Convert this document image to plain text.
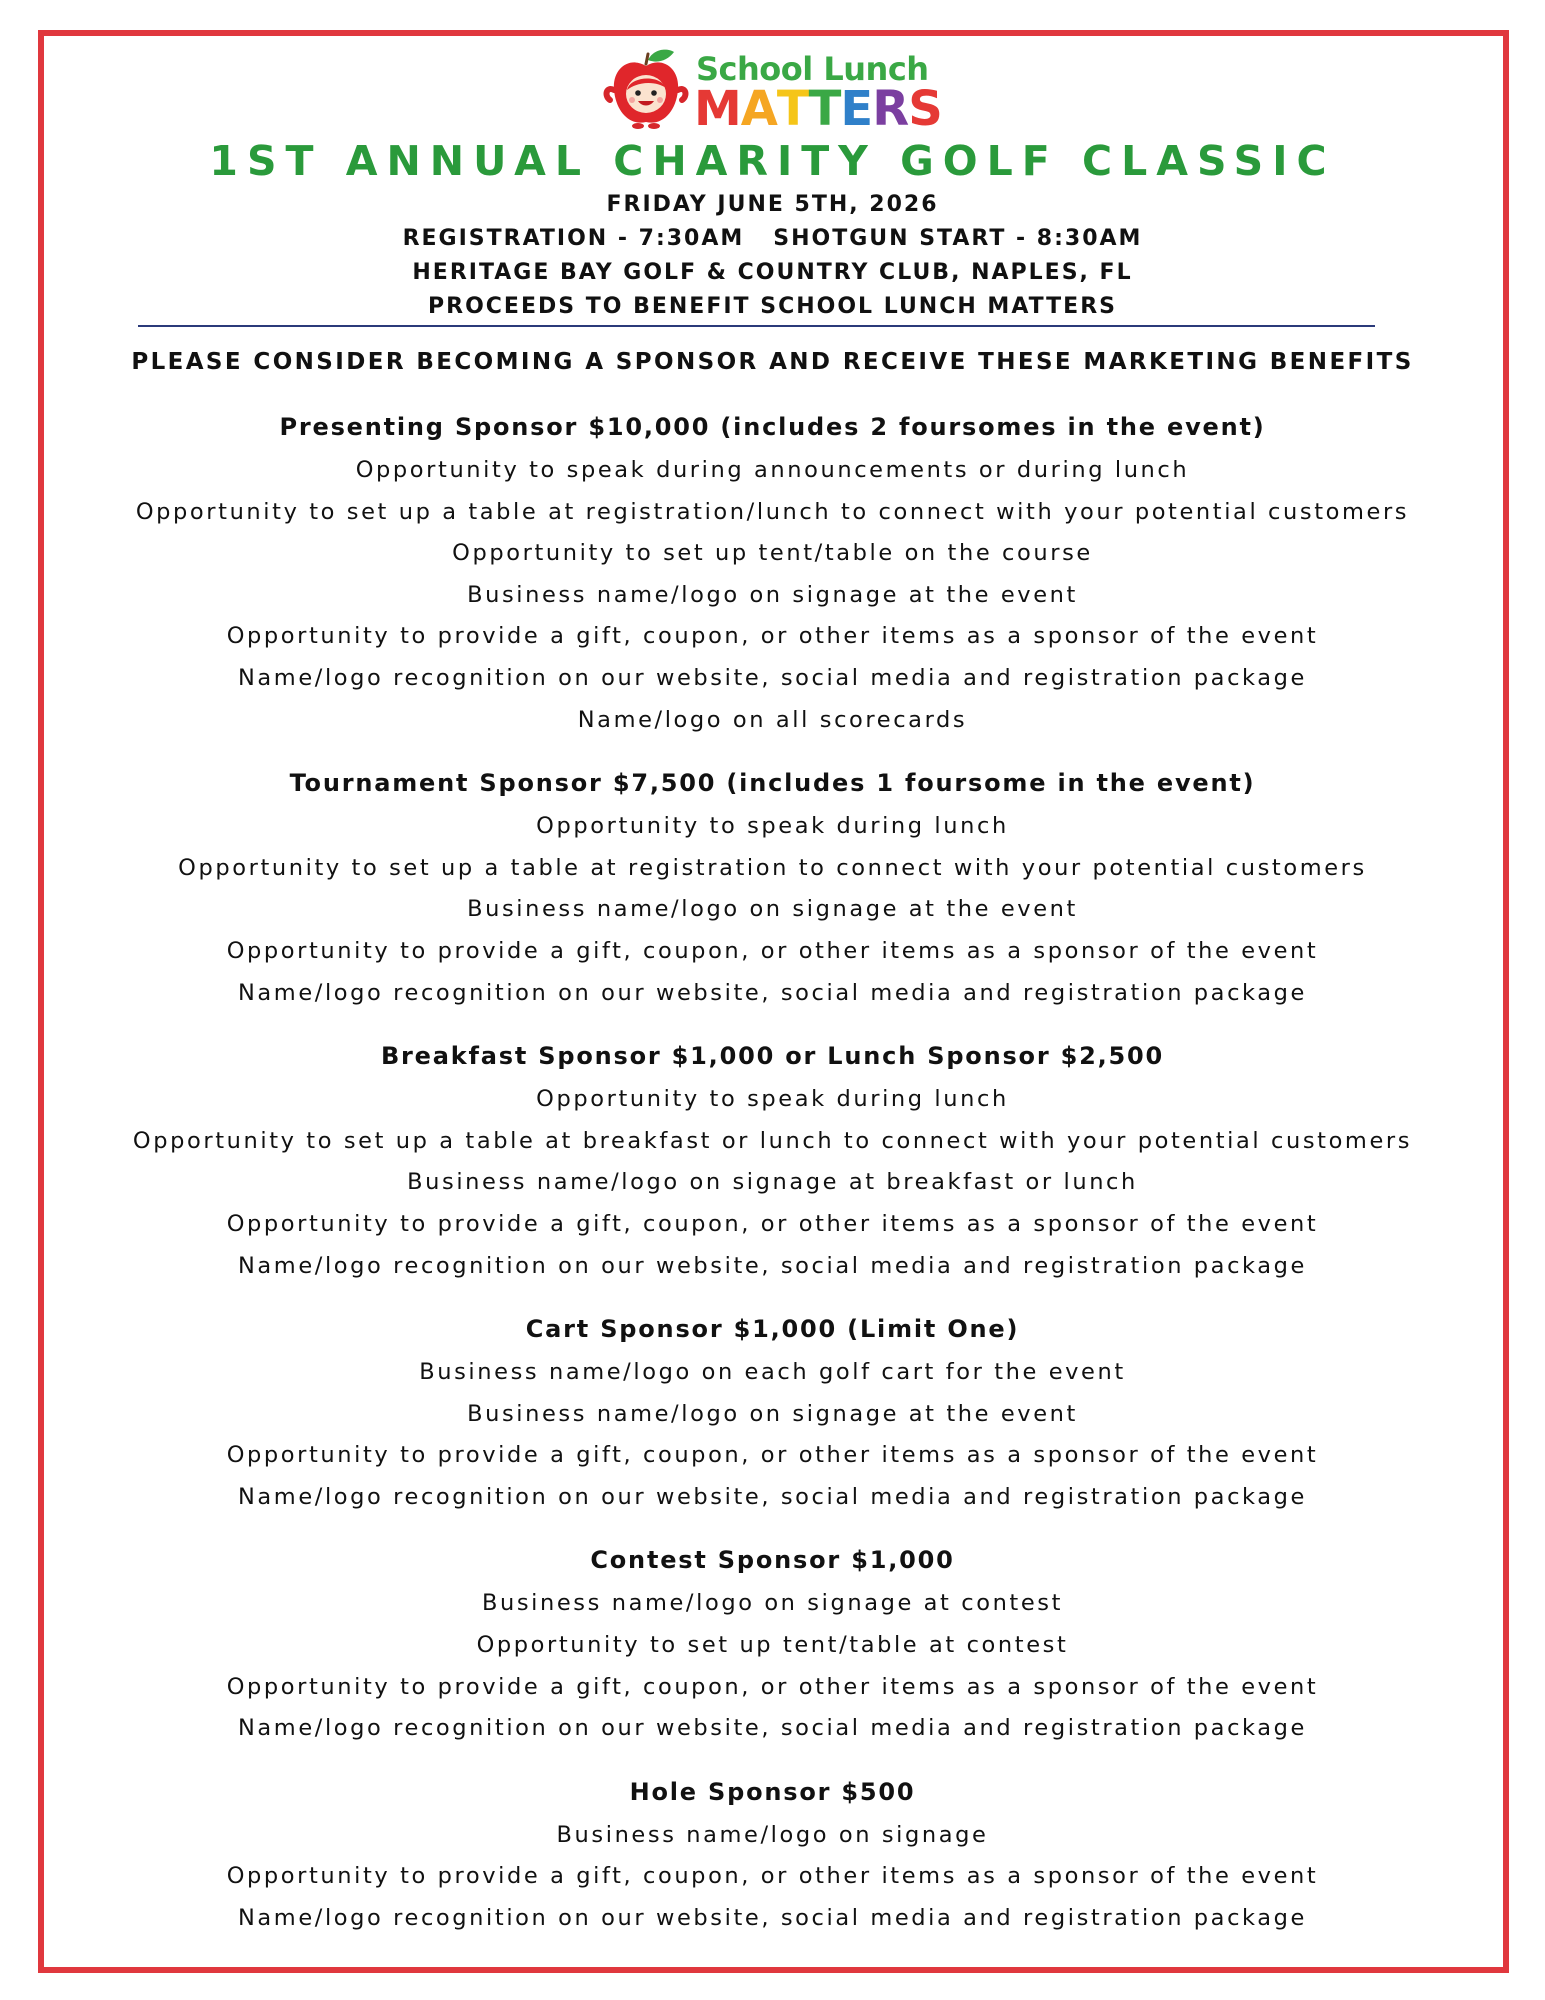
School Lunch
MATTERS
1ST ANNUAL CHARITY GOLF CLASSIC
FRIDAY JUNE 5TH, 2026
REGISTRATION - 7:30AM   SHOTGUN START - 8:30AM
HERITAGE BAY GOLF & COUNTRY CLUB, NAPLES, FL
PROCEEDS TO BENEFIT SCHOOL LUNCH MATTERS
PLEASE CONSIDER BECOMING A SPONSOR AND RECEIVE THESE MARKETING BENEFITS
Presenting Sponsor $10,000 (includes 2 foursomes in the event)
Opportunity to speak during announcements or during lunch
Opportunity to set up a table at registration/lunch to connect with your potential customers
Opportunity to set up tent/table on the course
Business name/logo on signage at the event
Opportunity to provide a gift, coupon, or other items as a sponsor of the event
Name/logo recognition on our website, social media and registration package
Name/logo on all scorecards
Tournament Sponsor $7,500 (includes 1 foursome in the event)
Opportunity to speak during lunch
Opportunity to set up a table at registration to connect with your potential customers
Business name/logo on signage at the event
Opportunity to provide a gift, coupon, or other items as a sponsor of the event
Name/logo recognition on our website, social media and registration package
Breakfast Sponsor $1,000 or Lunch Sponsor $2,500
Opportunity to speak during lunch
Opportunity to set up a table at breakfast or lunch to connect with your potential customers
Business name/logo on signage at breakfast or lunch
Opportunity to provide a gift, coupon, or other items as a sponsor of the event
Name/logo recognition on our website, social media and registration package
Cart Sponsor $1,000 (Limit One)
Business name/logo on each golf cart for the event
Business name/logo on signage at the event
Opportunity to provide a gift, coupon, or other items as a sponsor of the event
Name/logo recognition on our website, social media and registration package
Contest Sponsor $1,000
Business name/logo on signage at contest
Opportunity to set up tent/table at contest
Opportunity to provide a gift, coupon, or other items as a sponsor of the event
Name/logo recognition on our website, social media and registration package
Hole Sponsor $500
Business name/logo on signage
Opportunity to provide a gift, coupon, or other items as a sponsor of the event
Name/logo recognition on our website, social media and registration package
